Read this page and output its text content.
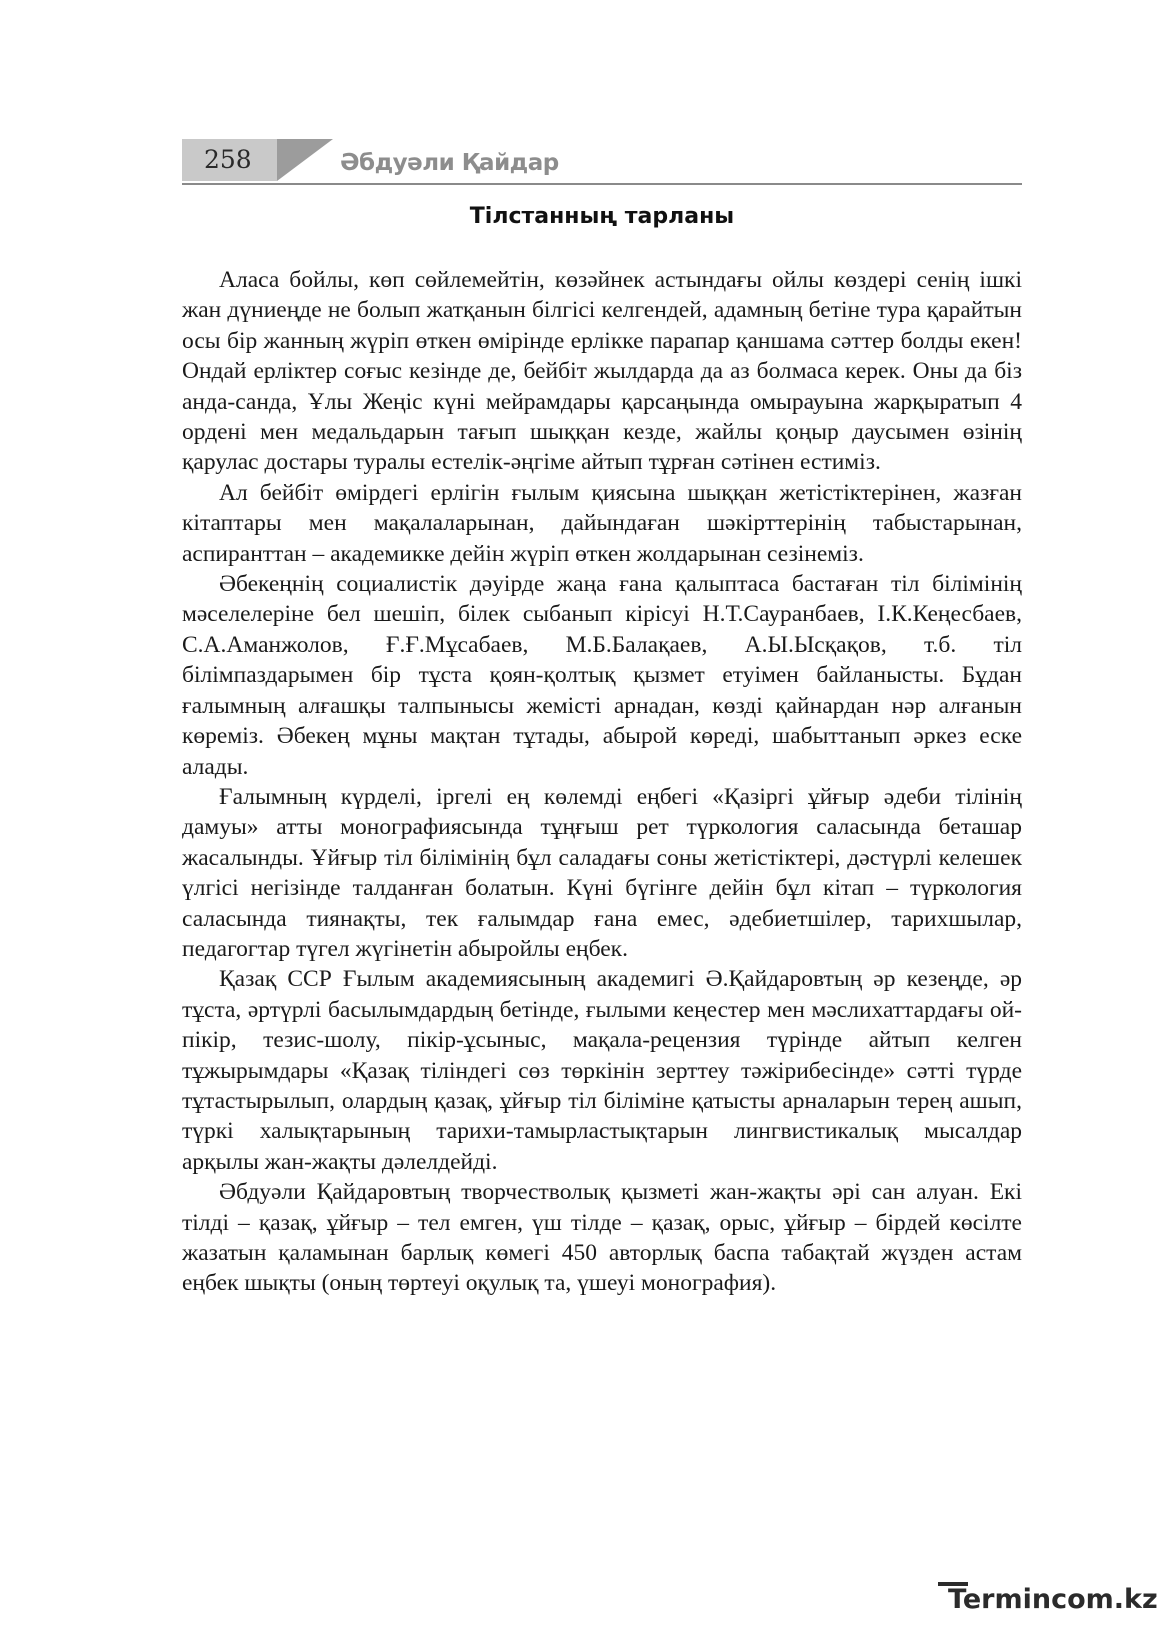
258	Әбдуәли Қайдар
Тілстанның тарланы

Аласа бойлы, көп сөйлемейтін, көзәйнек астындағы ойлы көздері сенің ішкі жан дүниеңде не болып жатқанын білгісі келгендей, адамның бетіне тура қарайтын осы бір жанның жүріп өткен өмірінде ерлікке парапар қаншама сәттер болды екен! Ондай ерліктер соғыс кезінде де, бейбіт жылдарда да аз болмаса керек. Оны да біз анда-санда, Ұлы Жеңіс күні мейрамдары қарсаңында омырауына жарқыратып 4 ордені мен медальдарын тағып шыққан кезде, жайлы қоңыр даусымен өзінің қарулас достары туралы естелік-әңгіме айтып тұрған сәтінен естиміз.

Ал бейбіт өмірдегі ерлігін ғылым қиясына шыққан жетістіктерінен, жазған кітаптары мен мақалаларынан, дайындаған шәкірттерінің табыстарынан, аспиранттан – академикке дейін жүріп өткен жолдарынан сезінеміз.

Әбекеңнің социалистік дәуірде жаңа ғана қалыптаса бастаған тіл білімінің мәселелеріне бел шешіп, білек сыбанып кірісуі Н.Т.Сауранбаев, І.К.Кеңесбаев, С.А.Аманжолов, Ғ.Ғ.Мұсабаев, М.Б.Балақаев, А.Ы.Ысқақов, т.б. тіл білімпаздарымен бір тұста қоян-қолтық қызмет етуімен байланысты. Бұдан ғалымның алғашқы талпынысы жемісті арнадан, көзді қайнардан нәр алғанын көреміз. Әбекең мұны мақтан тұтады, абырой көреді, шабыттанып әркез еске алады.

Ғалымның күрделі, іргелі ең көлемді еңбегі «Қазіргі ұйғыр әдеби тілінің дамуы» атты монографиясында тұңғыш рет түркология саласында беташар жасалынды. Ұйғыр тіл білімінің бұл саладағы соны жетістіктері, дәстүрлі келешек үлгісі негізінде талданған болатын. Күні бүгінге дейін бұл кітап – түркология саласында тиянақты, тек ғалымдар ғана емес, әдебиетшілер, тарихшылар, педагогтар түгел жүгінетін абыройлы еңбек.

Қазақ ССР Ғылым академиясының академигі Ә.Қайдаровтың әр кезеңде, әр тұста, әртүрлі басылымдардың бетінде, ғылыми кеңестер мен мәслихаттардағы ой-пікір, тезис-шолу, пікір-ұсыныс, мақала-рецензия түрінде айтып келген тұжырымдары «Қазақ тіліндегі сөз төркінін зерттеу тәжірибесінде» сәтті түрде тұтастырылып, олардың қазақ, ұйғыр тіл біліміне қатысты арналарын терең ашып, түркі халықтарының тарихи-тамырластықтарын лингвистикалық мысалдар арқылы жан-жақты дәлелдейді.

Әбдуәли Қайдаровтың творчестволық қызметі жан-жақты әрі сан алуан. Екі тілді – қазақ, ұйғыр – тел емген, үш тілде – қазақ, орыс, ұйғыр – бірдей көсілте жазатын қаламынан барлық көмегі 450 авторлық баспа табақтай жүзден астам еңбек шықты (оның төртеуі оқулық та, үшеуі монография).

Termincom.kz
